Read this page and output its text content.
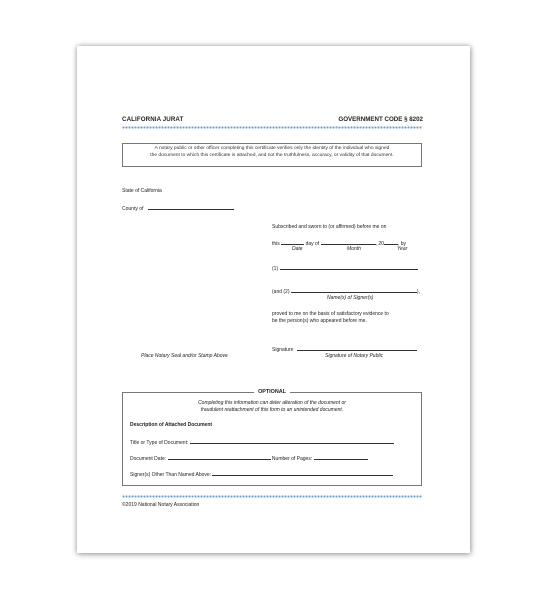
CALIFORNIA JURAT	GOVERNMENT CODE § 8202
A notary public or other officer completing this certificate verifies only the identity of the individual who signed
the document to which this certificate is attached, and not the truthfulness, accuracy, or validity of that document.
State of California
County of
Subscribed and sworn to (or affirmed) before me on
this	day of	, 20	, by
Date	Month	Year
(1)
(and (2)	),
Name(s) of Signer(s)
proved to me on the basis of satisfactory evidence to
be the person(s) who appeared before me.
Signature
Signature of Notary Public
Place Notary Seal and/or Stamp Above
OPTIONAL
Completing this information can deter alteration of the document or
fraudulent reattachment of this form to an unintended document.
Description of Attached Document
Title or Type of Document:
Document Date:	Number of Pages:
Signer(s) Other Than Named Above:
©2019 National Notary Association
